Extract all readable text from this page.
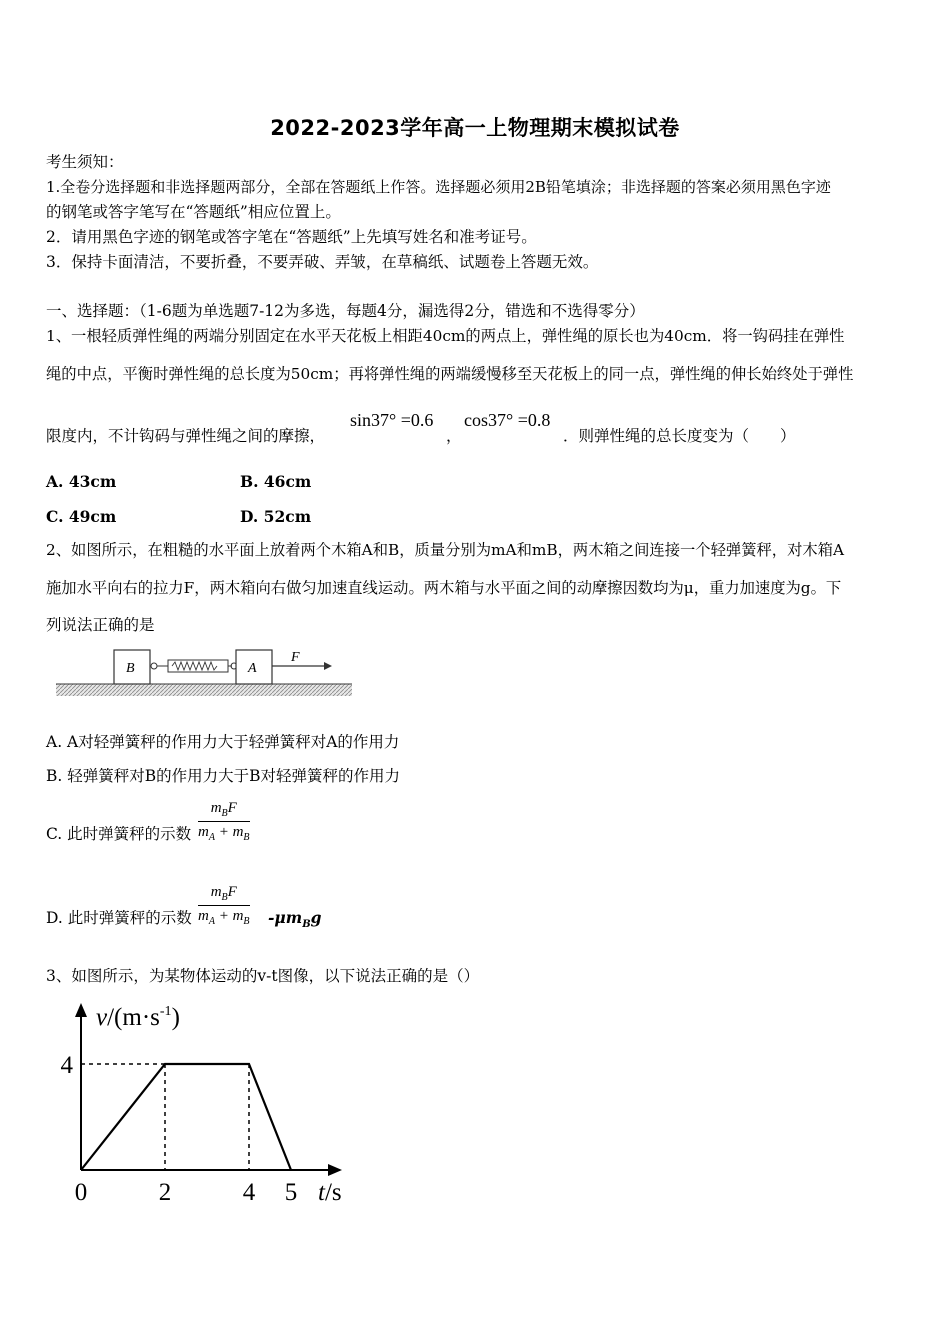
2022-2023学年高一上物理期末模拟试卷
考生须知：
1.全卷分选择题和非选择题两部分，全部在答题纸上作答。选择题必须用2B铅笔填涂；非选择题的答案必须用黑色字迹
的钢笔或答字笔写在“答题纸”相应位置上。
2．请用黑色字迹的钢笔或答字笔在“答题纸”上先填写姓名和准考证号。
3．保持卡面清洁，不要折叠，不要弄破、弄皱，在草稿纸、试题卷上答题无效。
一、选择题：（1-6题为单选题7-12为多选，每题4分，漏选得2分，错选和不选得零分）
1、一根轻质弹性绳的两端分别固定在水平天花板上相距40cm的两点上，弹性绳的原长也为40cm．将一钩码挂在弹性
绳的中点，平衡时弹性绳的总长度为50cm；再将弹性绳的两端缓慢移至天花板上的同一点，弹性绳的伸长始终处于弹性
限度内，不计钩码与弹性绳之间的摩擦，
sin37° =0.6
，
cos37° =0.8
．则弹性绳的总长度变为（　　）
A. 43cm	B. 46cm
C. 49cm	D. 52cm
2、如图所示，在粗糙的水平面上放着两个木箱A和B，质量分别为mA和mB，两木箱之间连接一个轻弹簧秤，对木箱A
施加水平向右的拉力F，两木箱向右做匀加速直线运动。两木箱与水平面之间的动摩擦因数均为μ，重力加速度为g。下
列说法正确的是
B	A
F
A. A对轻弹簧秤的作用力大于轻弹簧秤对A的作用力
B. 轻弹簧秤对B的作用力大于B对轻弹簧秤的作用力
C. 此时弹簧秤的示数
$m_BF$
$m_A + m_B$
D. 此时弹簧秤的示数
$m_BF$
$m_A + m_B$ $-\mu m_Bg$
3、如图所示，为某物体运动的v-t图像，以下说法正确的是（）
$v/(m\cdot s^{-1})$
t/s
0	2	4 5
4
